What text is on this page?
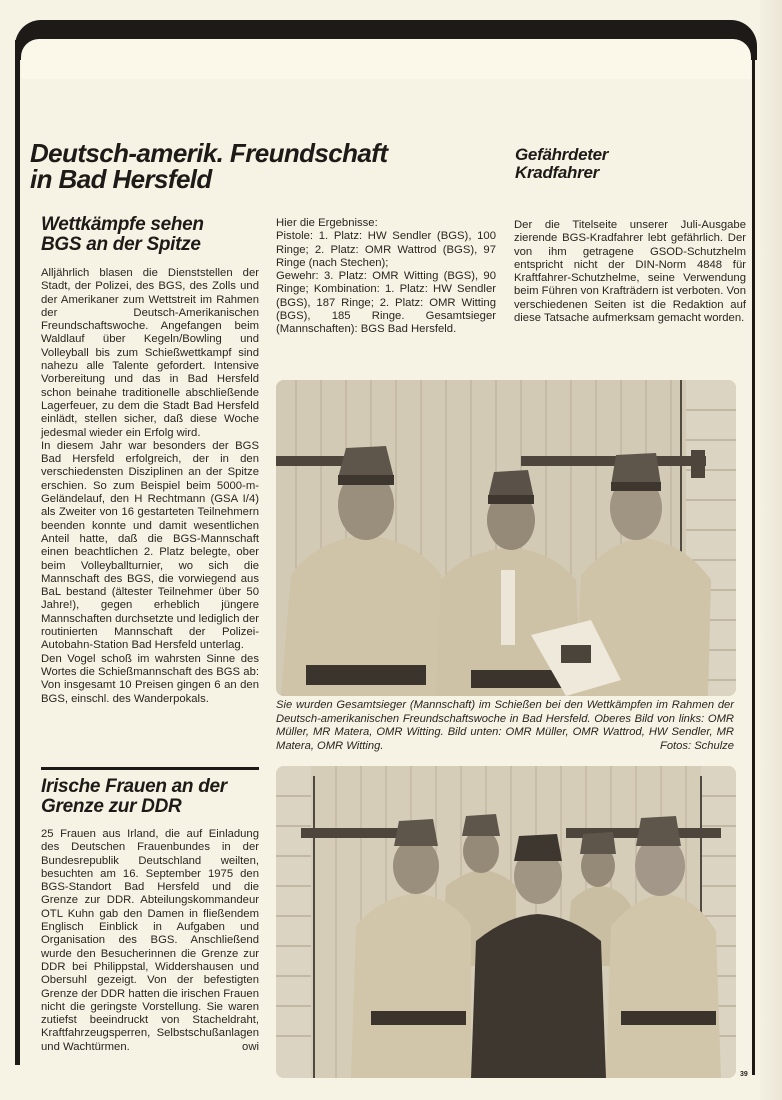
Deutsch-amerik. Freundschaft
in Bad Hersfeld
Gefährdeter
Kradfahrer
Wettkämpfe sehen
BGS an der Spitze

Alljährlich blasen die Dienststellen der Stadt, der Polizei, des BGS, des Zolls und der Amerikaner zum Wettstreit im Rahmen der Deutsch-Amerikanischen Freundschaftswoche. Angefangen beim Waldlauf über Kegeln/Bowling und Volleyball bis zum Schießwettkampf sind nahezu alle Talente gefordert. Intensive Vorbereitung und das in Bad Hersfeld schon beinahe traditionelle abschließende Lagerfeuer, zu dem die Stadt Bad Hersfeld einlädt, stellen sicher, daß diese Woche jedesmal wieder ein Erfolg wird.

In diesem Jahr war besonders der BGS Bad Hersfeld erfolgreich, der in den verschiedensten Disziplinen an der Spitze erschien. So zum Beispiel beim 5000-m-Geländelauf, den H Rechtmann (GSA I/4) als Zweiter von 16 gestarteten Teilnehmern beenden konnte und damit wesentlichen Anteil hatte, daß die BGS-Mannschaft einen beachtlichen 2. Platz belegte, ober beim Volleyballturnier, wo sich die Mannschaft des BGS, die vorwiegend aus BaL bestand (ältester Teilnehmer über 50 Jahre!), gegen erheblich jüngere Mannschaften durchsetzte und lediglich der routinierten Mannschaft der Polizei-Autobahn-Station Bad Hersfeld unterlag.

Den Vogel schoß im wahrsten Sinne des Wortes die Schießmannschaft des BGS ab: Von insgesamt 10 Preisen gingen 6 an den BGS, einschl. des Wanderpokals.

Hier die Ergebnisse:

Pistole: 1. Platz: HW Sendler (BGS), 100 Ringe; 2. Platz: OMR Wattrod (BGS), 97 Ringe (nach Stechen);

Gewehr: 3. Platz: OMR Witting (BGS), 90 Ringe; Kombination: 1. Platz: HW Sendler (BGS), 187 Ringe; 2. Platz: OMR Witting (BGS), 185 Ringe. Gesamtsieger (Mannschaften): BGS Bad Hersfeld.

Der die Titelseite unserer Juli-Ausgabe zierende BGS-Kradfahrer lebt gefährlich. Der von ihm getragene GSOD-Schutzhelm entspricht nicht der DIN-Norm 4848 für Kraftfahrer-Schutzhelme, seine Verwendung beim Führen von Krafträdern ist verboten. Von verschiedenen Seiten ist die Redaktion auf diese Tatsache aufmerksam gemacht worden.

Sie wurden Gesamtsieger (Mannschaft) im Schießen bei den Wettkämpfen im Rahmen der Deutsch-amerikanischen Freundschaftswoche in Bad Hersfeld. Oberes Bild von links: OMR Müller, MR Matera, OMR Witting. Bild unten: OMR Müller, OMR Wattrod, HW Sendler, MR Matera, OMR Witting.	Fotos: Schulze
Irische Frauen an der
Grenze zur DDR

25 Frauen aus Irland, die auf Einladung des Deutschen Frauenbundes in der Bundesrepublik Deutschland weilten, besuchten am 16. September 1975 den BGS-Standort Bad Hersfeld und die Grenze zur DDR. Abteilungskommandeur OTL Kuhn gab den Damen in fließendem Englisch Einblick in Aufgaben und Organisation des BGS. Anschließend wurde den Besucherinnen die Grenze zur DDR bei Philippstal, Widdershausen und Obersuhl gezeigt. Von der befestigten Grenze der DDR hatten die irischen Frauen nicht die geringste Vorstellung. Sie waren zutiefst beeindruckt von Stacheldraht, Kraftfahrzeugsperren, Selbstschußanlagen und Wachtürmen.	owi

39
